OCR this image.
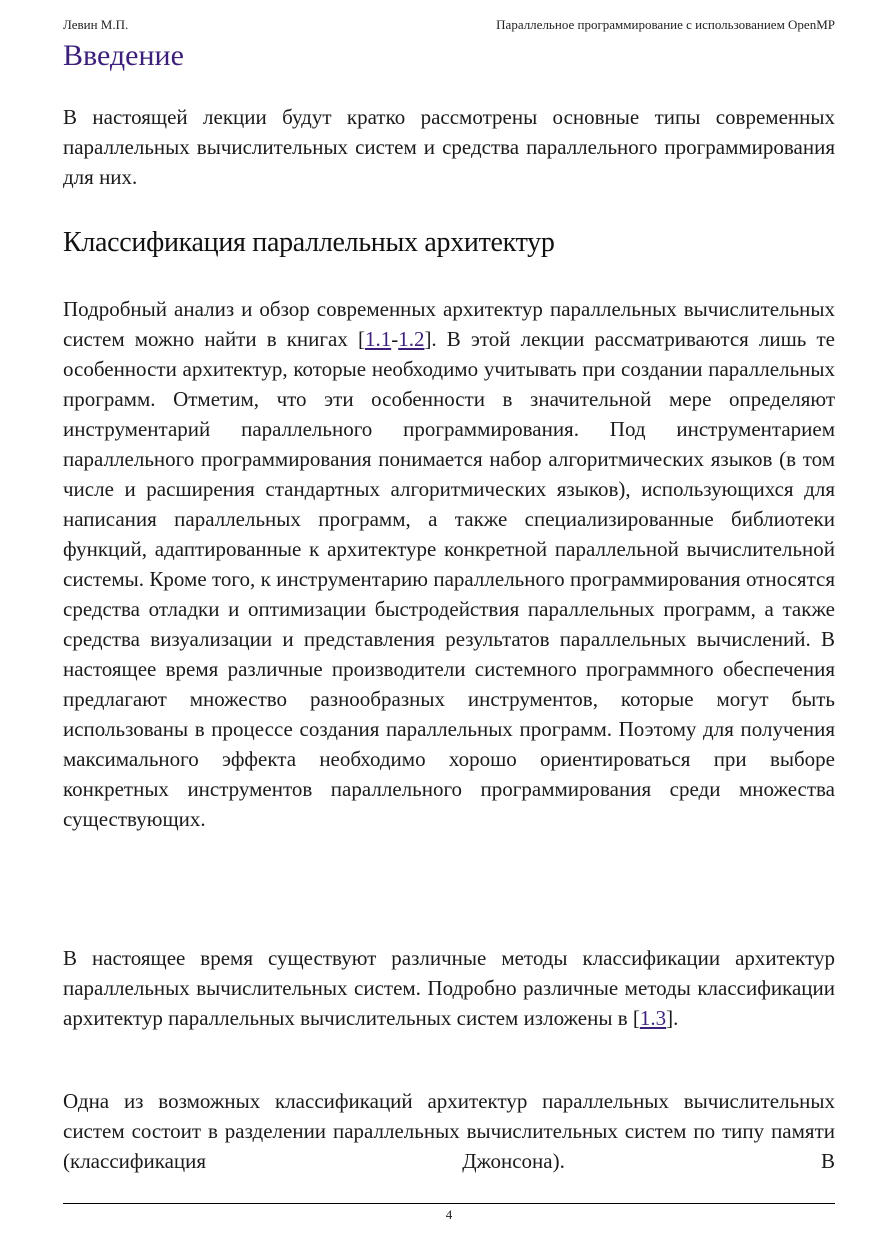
Левин М.П.	Параллельное программирование с использованием OpenMP
Введение

В настоящей лекции будут кратко рассмотрены основные типы современных параллельных вычислительных систем и средства параллельного программирования для них.

Классификация параллельных архитектур

Подробный анализ и обзор современных архитектур параллельных вычислительных систем можно найти в книгах [1.1-1.2]. В этой лекции рассматриваются лишь те особенности архитектур, которые необходимо учитывать при создании параллельных программ. Отметим, что эти особенности в значительной мере определяют инструментарий параллельного программирования. Под инструментарием параллельного программирования понимается набор алгоритмических языков (в том числе и расширения стандартных алгоритмических языков), использующихся для написания параллельных программ, а также специализированные библиотеки функций, адаптированные к архитектуре конкретной параллельной вычислительной системы. Кроме того, к инструментарию параллельного программирования относятся средства отладки и оптимизации быстродействия параллельных программ, а также средства визуализации и представления результатов параллельных вычислений. В настоящее время различные производители системного программного обеспечения предлагают множество разнообразных инструментов, которые могут быть использованы в процессе создания параллельных программ. Поэтому для получения максимального эффекта необходимо хорошо ориентироваться при выборе конкретных инструментов параллельного программирования среди множества существующих.

В настоящее время существуют различные методы классификации архитектур параллельных вычислительных систем. Подробно различные методы классификации архитектур параллельных вычислительных систем изложены в [1.3].

Одна из возможных классификаций архитектур параллельных вычислительных систем состоит в разделении параллельных вычислительных систем по типу памяти (классификация Джонсона). В

4
